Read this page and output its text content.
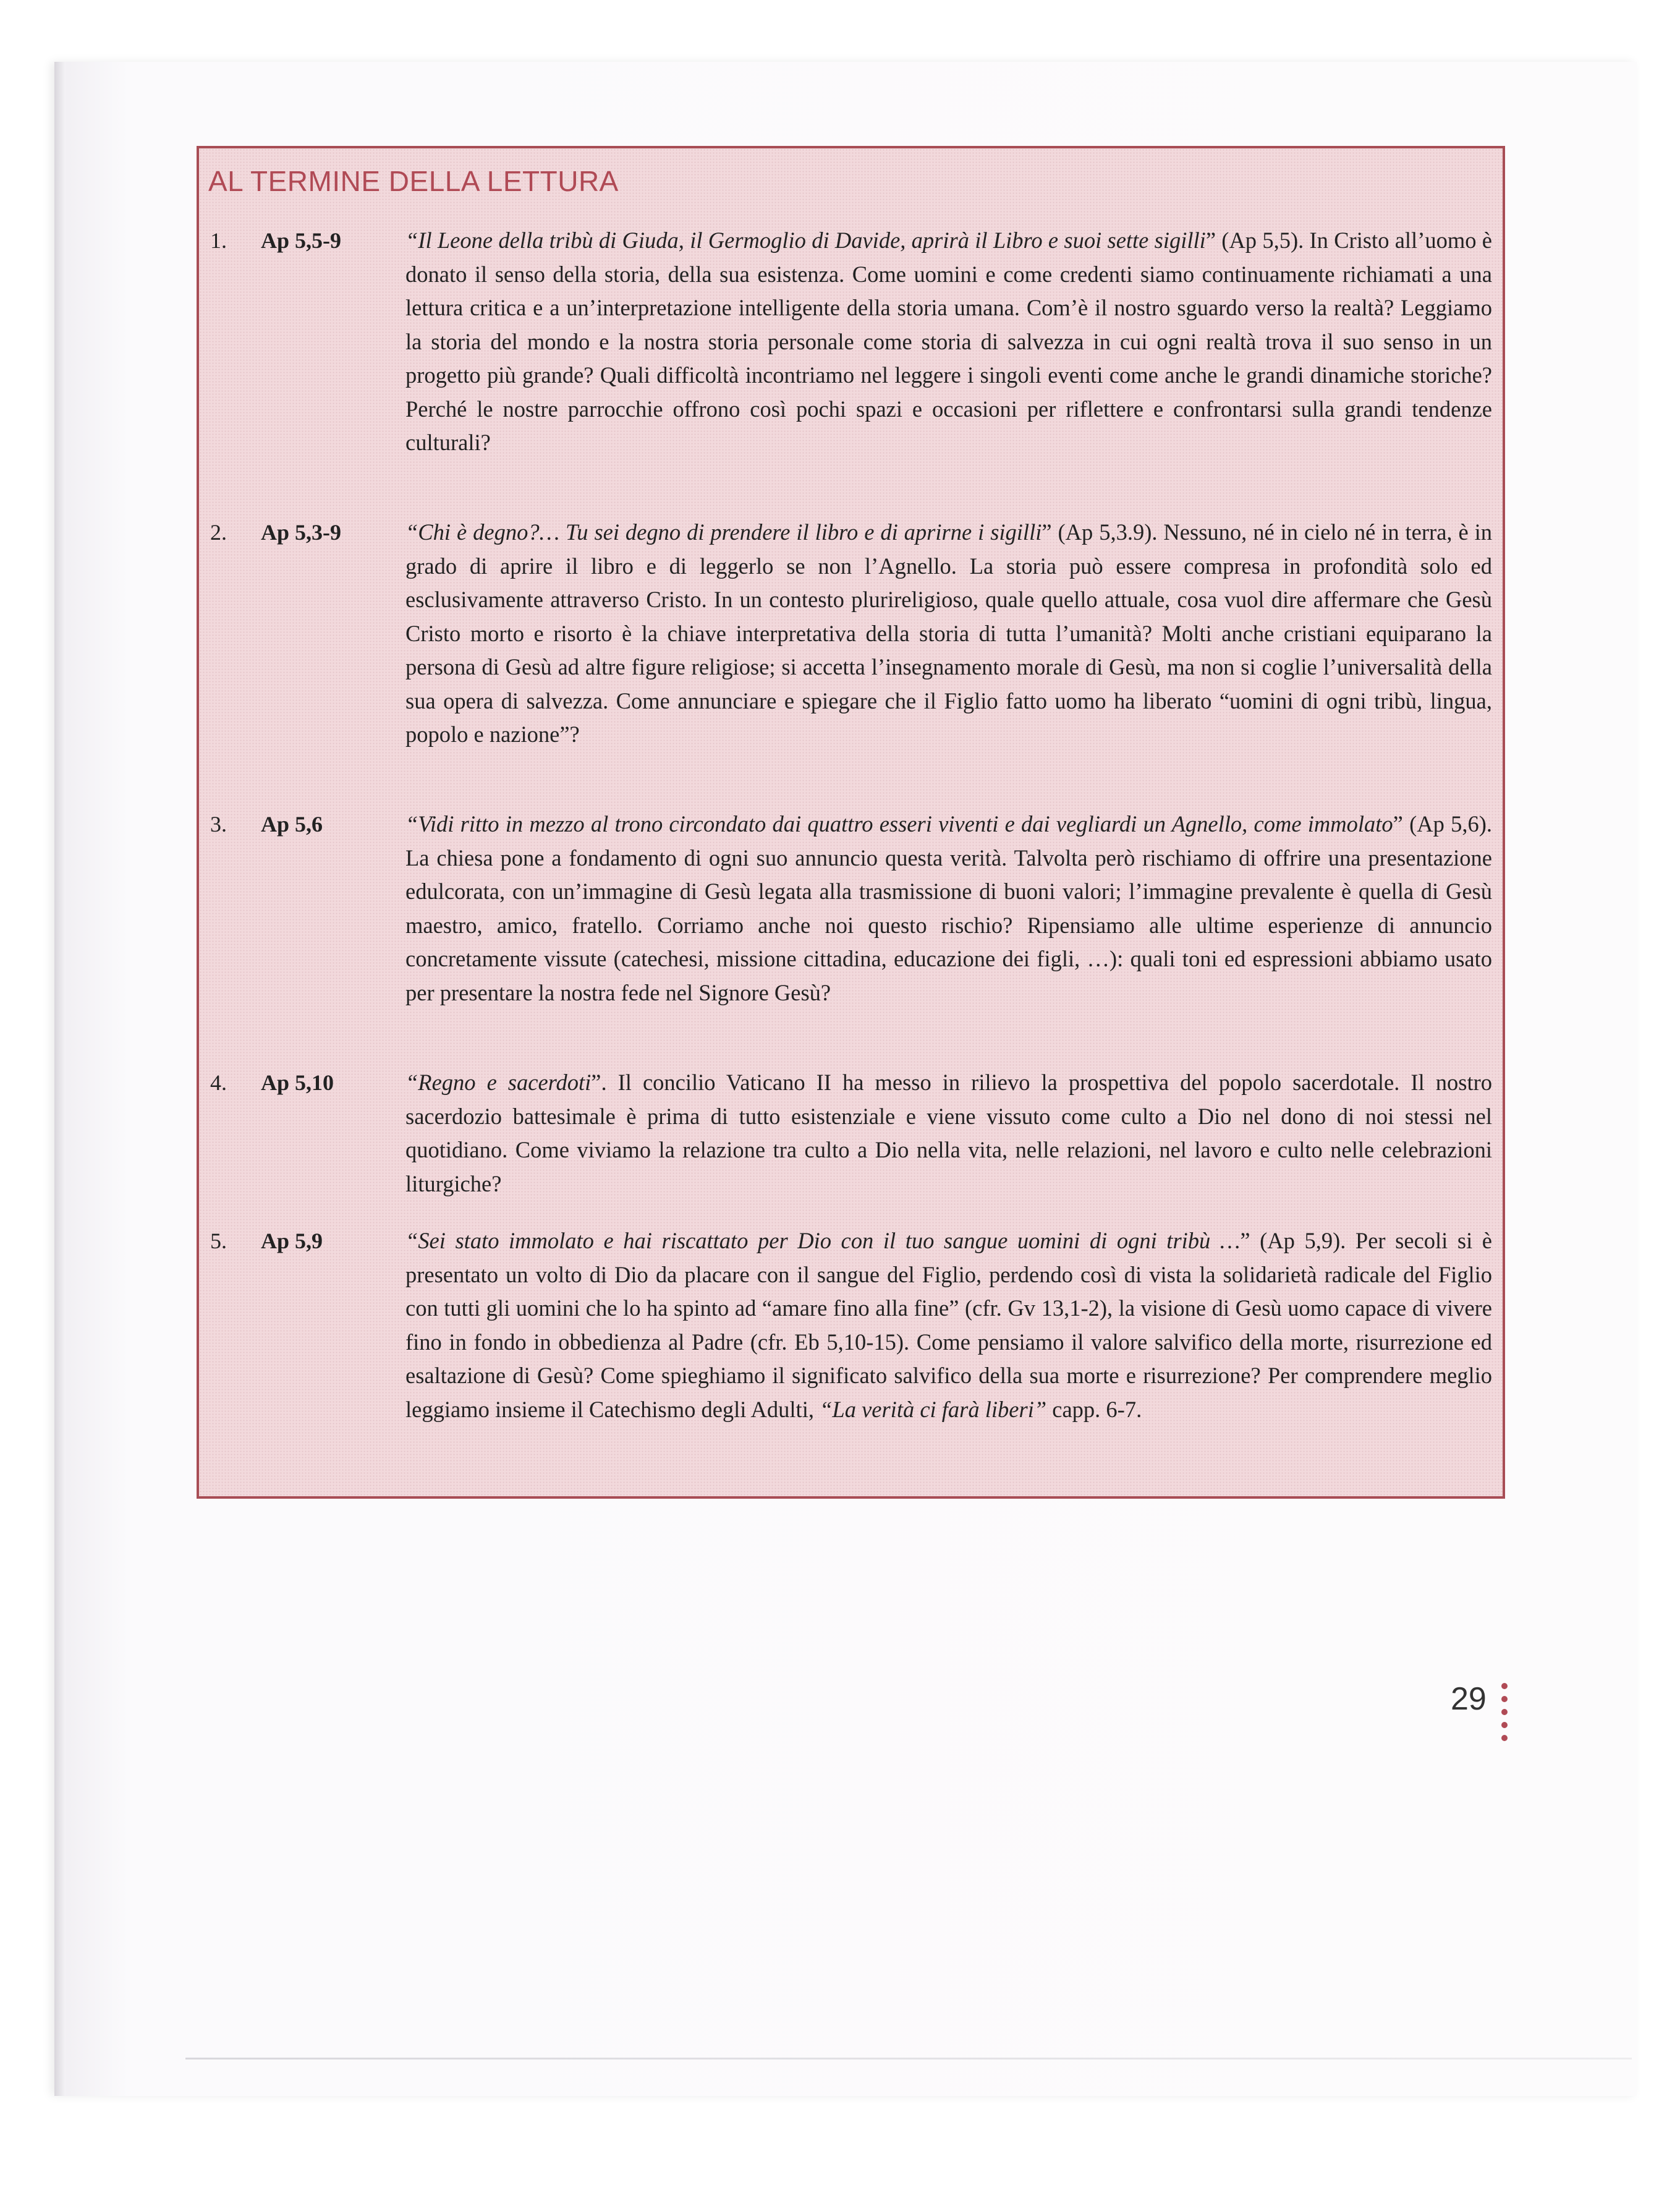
AL TERMINE DELLA LETTURA
1. Ap 5,5-9	“Il Leone della tribù di Giuda, il Germoglio di Davide, aprirà il Libro e suoi sette sigilli” (Ap 5,5). In Cristo all’uomo è donato il senso della storia, della sua esistenza. Come uomini e come credenti siamo continuamente richiamati a una lettura critica e a un’interpretazione intelligente della storia umana. Com’è il nostro sguardo verso la realtà? Leggiamo la storia del mondo e la nostra storia personale come storia di salvezza in cui ogni realtà trova il suo senso in un progetto più grande? Quali difficoltà incontriamo nel leggere i singoli eventi come anche le grandi dinamiche storiche? Perché le nostre parrocchie offrono così pochi spazi e occasioni per riflettere e confrontarsi sulla grandi tendenze culturali?

2. Ap 5,3-9	“Chi è degno?… Tu sei degno di prendere il libro e di aprirne i sigilli” (Ap 5,3.9). Nessuno, né in cielo né in terra, è in grado di aprire il libro e di leggerlo se non l’Agnello. La storia può essere compresa in profondità solo ed esclusivamente attraverso Cristo. In un contesto plurireligioso, quale quello attuale, cosa vuol dire affermare che Gesù Cristo morto e risorto è la chiave interpretativa della storia di tutta l’umanità? Molti anche cristiani equiparano la persona di Gesù ad altre figure religiose; si accetta l’insegnamento morale di Gesù, ma non si coglie l’universalità della sua opera di salvezza. Come annunciare e spiegare che il Figlio fatto uomo ha liberato “uomini di ogni tribù, lingua, popolo e nazione”?

3. Ap 5,6	“Vidi ritto in mezzo al trono circondato dai quattro esseri viventi e dai vegliardi un Agnello, come immolato” (Ap 5,6). La chiesa pone a fondamento di ogni suo annuncio questa verità. Talvolta però rischiamo di offrire una presentazione edulcorata, con un’immagine di Gesù legata alla trasmissione di buoni valori; l’immagine prevalente è quella di Gesù maestro, amico, fratello. Corriamo anche noi questo rischio? Ripensiamo alle ultime esperienze di annuncio concretamente vissute (catechesi, missione cittadina, educazione dei figli, …): quali toni ed espressioni abbiamo usato per presentare la nostra fede nel Signore Gesù?

4. Ap 5,10	“Regno e sacerdoti”. Il concilio Vaticano II ha messo in rilievo la prospettiva del popolo sacerdotale. Il nostro sacerdozio battesimale è prima di tutto esistenziale e viene vissuto come culto a Dio nel dono di noi stessi nel quotidiano. Come viviamo la relazione tra culto a Dio nella vita, nelle relazioni, nel lavoro e culto nelle celebrazioni liturgiche?

5. Ap 5,9	“Sei stato immolato e hai riscattato per Dio con il tuo sangue uomini di ogni tribù …” (Ap 5,9). Per secoli si è presentato un volto di Dio da placare con il sangue del Figlio, perdendo così di vista la solidarietà radicale del Figlio con tutti gli uomini che lo ha spinto ad “amare fino alla fine” (cfr. Gv 13,1-2), la visione di Gesù uomo capace di vivere fino in fondo in obbedienza al Padre (cfr. Eb 5,10-15). Come pensiamo il valore salvifico della morte, risurrezione ed esaltazione di Gesù? Come spieghiamo il significato salvifico della sua morte e risurrezione? Per comprendere meglio leggiamo insieme il Catechismo degli Adulti, “La verità ci farà liberi” capp. 6-7.

29
